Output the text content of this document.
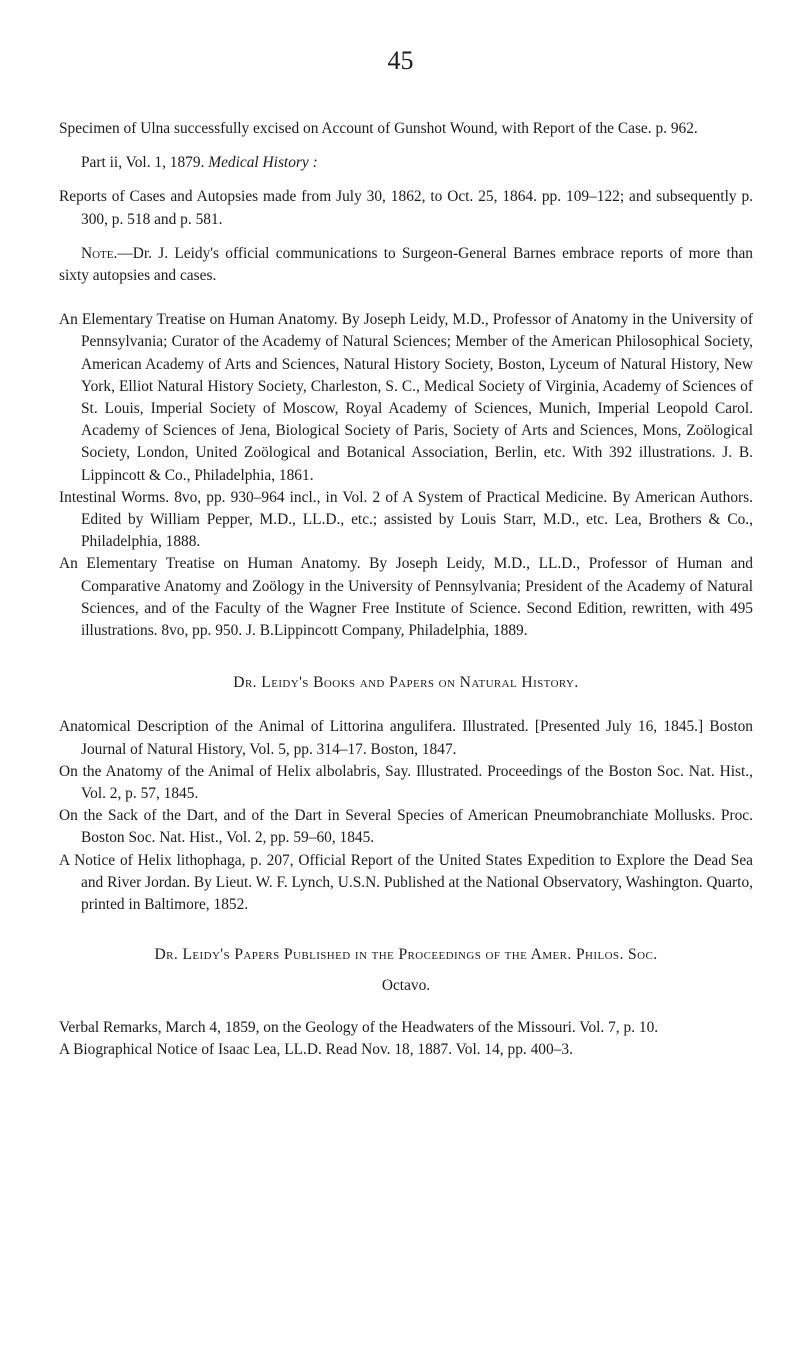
45

Specimen of Ulna successfully excised on Account of Gunshot Wound, with Report of the Case. p. 962.

Part ii, Vol. 1, 1879. Medical History :

Reports of Cases and Autopsies made from July 30, 1862, to Oct. 25, 1864. pp. 109–122; and subsequently p. 300, p. 518 and p. 581.

Note.—Dr. J. Leidy's official communications to Surgeon-General Barnes embrace reports of more than sixty autopsies and cases.

An Elementary Treatise on Human Anatomy. By Joseph Leidy, M.D., Professor of Anatomy in the University of Pennsylvania; Curator of the Academy of Natural Sciences; Member of the American Philosophical Society, American Academy of Arts and Sciences, Natural History Society, Boston, Lyceum of Natural History, New York, Elliot Natural History Society, Charleston, S. C., Medical Society of Virginia, Academy of Sciences of St. Louis, Imperial Society of Moscow, Royal Academy of Sciences, Munich, Imperial Leopold Carol. Academy of Sciences of Jena, Biological Society of Paris, Society of Arts and Sciences, Mons, Zoölogical Society, London, United Zoölogical and Botanical Association, Berlin, etc. With 392 illustrations. J. B. Lippincott & Co., Philadelphia, 1861.

Intestinal Worms. 8vo, pp. 930–964 incl., in Vol. 2 of A System of Practical Medicine. By American Authors. Edited by William Pepper, M.D., LL.D., etc.; assisted by Louis Starr, M.D., etc. Lea, Brothers & Co., Philadelphia, 1888.

An Elementary Treatise on Human Anatomy. By Joseph Leidy, M.D., LL.D., Professor of Human and Comparative Anatomy and Zoölogy in the University of Pennsylvania; President of the Academy of Natural Sciences, and of the Faculty of the Wagner Free Institute of Science. Second Edition, rewritten, with 495 illustrations. 8vo, pp. 950. J. B.Lippincott Company, Philadelphia, 1889.

Dr. Leidy's Books and Papers on Natural History.

Anatomical Description of the Animal of Littorina angulifera. Illustrated. [Presented July 16, 1845.] Boston Journal of Natural History, Vol. 5, pp. 314–17. Boston, 1847.

On the Anatomy of the Animal of Helix albolabris, Say. Illustrated. Proceedings of the Boston Soc. Nat. Hist., Vol. 2, p. 57, 1845.

On the Sack of the Dart, and of the Dart in Several Species of American Pneumobranchiate Mollusks. Proc. Boston Soc. Nat. Hist., Vol. 2, pp. 59–60, 1845.

A Notice of Helix lithophaga, p. 207, Official Report of the United States Expedition to Explore the Dead Sea and River Jordan. By Lieut. W. F. Lynch, U.S.N. Published at the National Observatory, Washington. Quarto, printed in Baltimore, 1852.

Dr. Leidy's Papers Published in the Proceedings of the Amer. Philos. Soc.
Octavo.

Verbal Remarks, March 4, 1859, on the Geology of the Headwaters of the Missouri. Vol. 7, p. 10.

A Biographical Notice of Isaac Lea, LL.D. Read Nov. 18, 1887. Vol. 14, pp. 400–3.
